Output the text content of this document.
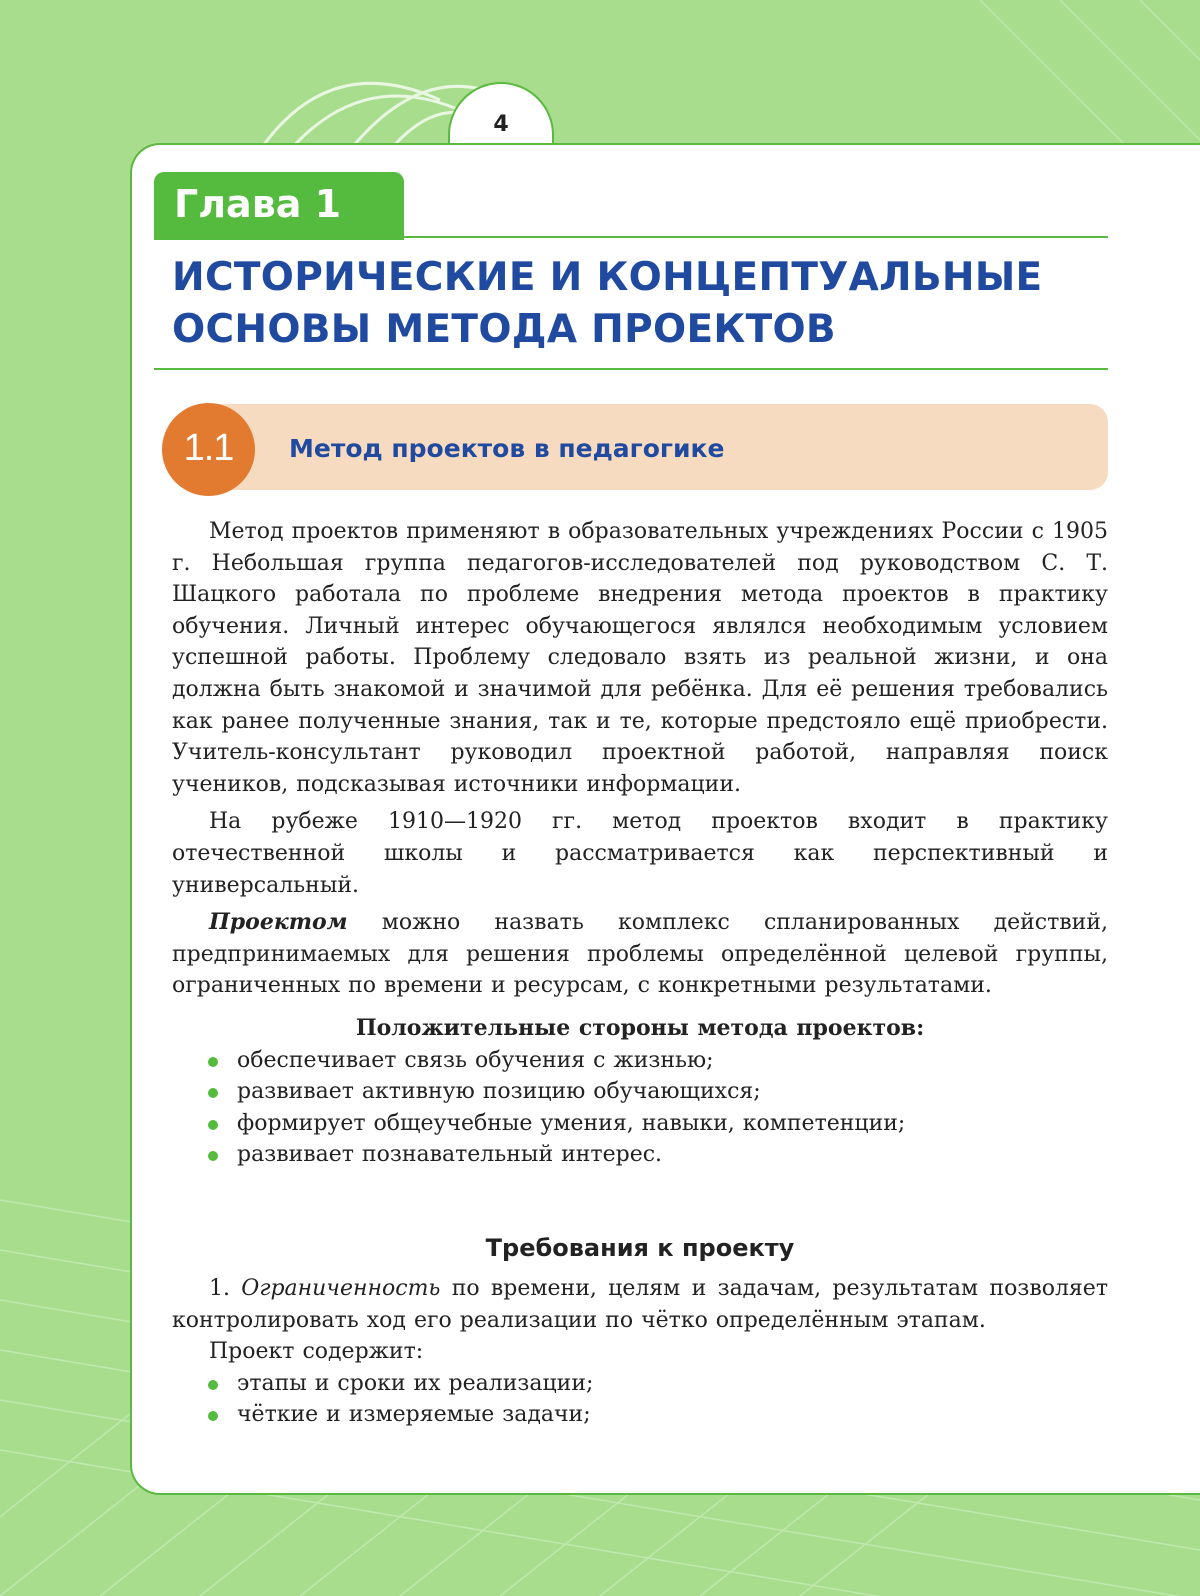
4
Глава 1
ИСТОРИЧЕСКИЕ И КОНЦЕПТУАЛЬНЫЕ
ОСНОВЫ МЕТОДА ПРОЕКТОВ
1.1	Метод проектов в педагогике

Метод проектов применяют в образовательных учреждениях России с 1905 г. Небольшая группа педагогов-исследователей под руководством С. Т. Шацкого работала по проблеме внедрения метода проектов в практику обучения. Личный интерес обучающегося являлся необходимым условием успешной работы. Проблему следовало взять из реальной жизни, и она должна быть знакомой и значимой для ребёнка. Для её решения требовались как ранее полученные знания, так и те, которые предстояло ещё приобрести. Учитель-консультант руководил проектной работой, направляя поиск учеников, подсказывая источники информации.

На рубеже 1910—1920 гг. метод проектов входит в практику отечественной школы и рассматривается как перспективный и универсальный.

Проектом можно назвать комплекс спланированных действий, предпринимаемых для решения проблемы определённой целевой группы, ограниченных по времени и ресурсам, с конкретными результатами.

Положительные стороны метода проектов:

обеспечивает связь обучения с жизнью;
развивает активную позицию обучающихся;
формирует общеучебные умения, навыки, компетенции;
развивает познавательный интерес.
Требования к проекту

1. Ограниченность по времени, целям и задачам, результатам позволяет контролировать ход его реализации по чётко определённым этапам.

Проект содержит:

этапы и сроки их реализации;
чёткие и измеряемые задачи;
